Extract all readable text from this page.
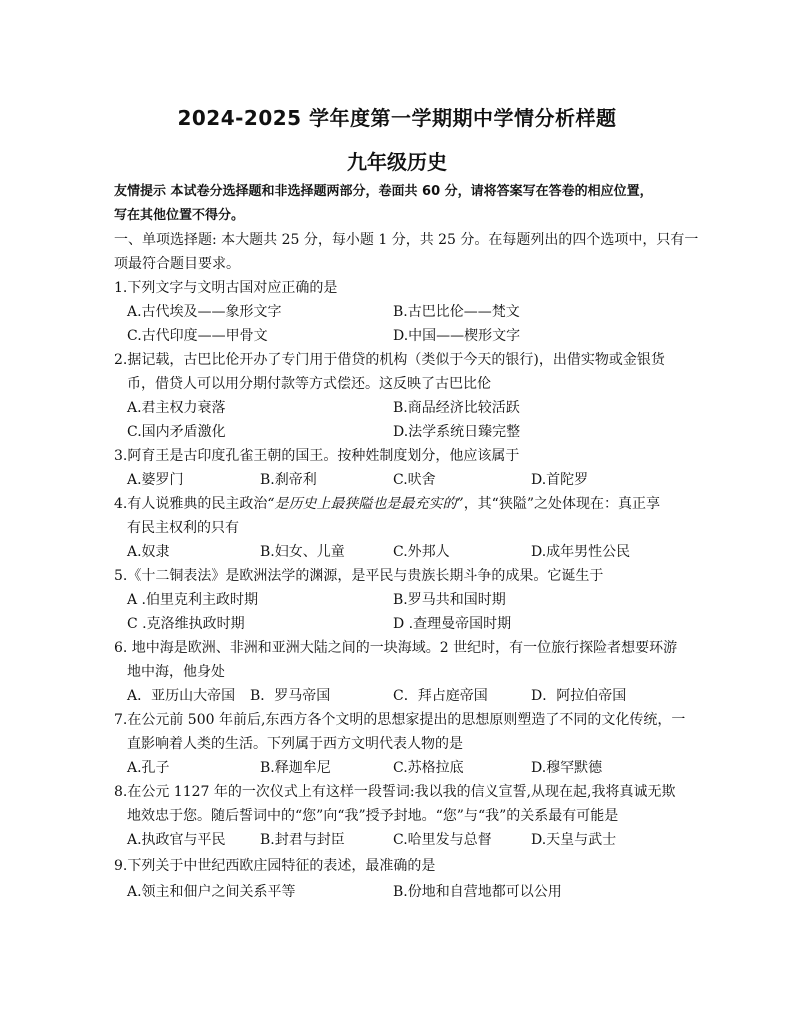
2024-2025 学年度第一学期期中学情分析样题
九年级历史
友情提示 本试卷分选择题和非选择题两部分，卷面共 60 分，请将答案写在答卷的相应位置，
写在其他位置不得分。
一、单项选择题: 本大题共 25 分，每小题 1 分，共 25 分。在每题列出的四个选项中，只有一
项最符合题目要求。
1.下列文字与文明古国对应正确的是
A.古代埃及——象形文字	B.古巴比伦——梵文
C.古代印度——甲骨文	D.中国——楔形文字
2.据记载，古巴比伦开办了专门用于借贷的机构（类似于今天的银行)，出借实物或金银货
币，借贷人可以用分期付款等方式偿还。这反映了古巴比伦
A.君主权力衰落	B.商品经济比较活跃
C.国内矛盾激化	D.法学系统日臻完整
3.阿育王是古印度孔雀王朝的国王。按种姓制度划分，他应该属于
A.婆罗门	B.刹帝利	C.吠舍	D.首陀罗
4.有人说雅典的民主政治“是历史上最狭隘也是最充实的”，其“狭隘”之处体现在：真正享
有民主权利的只有
A.奴隶	B.妇女、儿童	C.外邦人	D.成年男性公民
5.《十二铜表法》是欧洲法学的渊源，是平民与贵族长期斗争的成果。它诞生于
A .伯里克利主政时期	B.罗马共和国时期
C .克洛维执政时期	D .查理曼帝国时期
6. 地中海是欧洲、非洲和亚洲大陆之间的一块海域。2 世纪时，有一位旅行探险者想要环游
地中海，他身处
A．亚历山大帝国 B．罗马帝国	C．拜占庭帝国	D．阿拉伯帝国
7.在公元前 500 年前后,东西方各个文明的思想家提出的思想原则塑造了不同的文化传统，一
直影响着人类的生活。下列属于西方文明代表人物的是
A.孔子	B.释迦牟尼	C.苏格拉底	D.穆罕默德
8.在公元 1127 年的一次仪式上有这样一段誓词:我以我的信义宣誓,从现在起,我将真诚无欺
地效忠于您。随后誓词中的“您”向“我”授予封地。“您”与“我”的关系最有可能是
A.执政官与平民 B.封君与封臣	C.哈里发与总督	D.天皇与武士
9.下列关于中世纪西欧庄园特征的表述，最准确的是
A.领主和佃户之间关系平等	B.份地和自营地都可以公用
